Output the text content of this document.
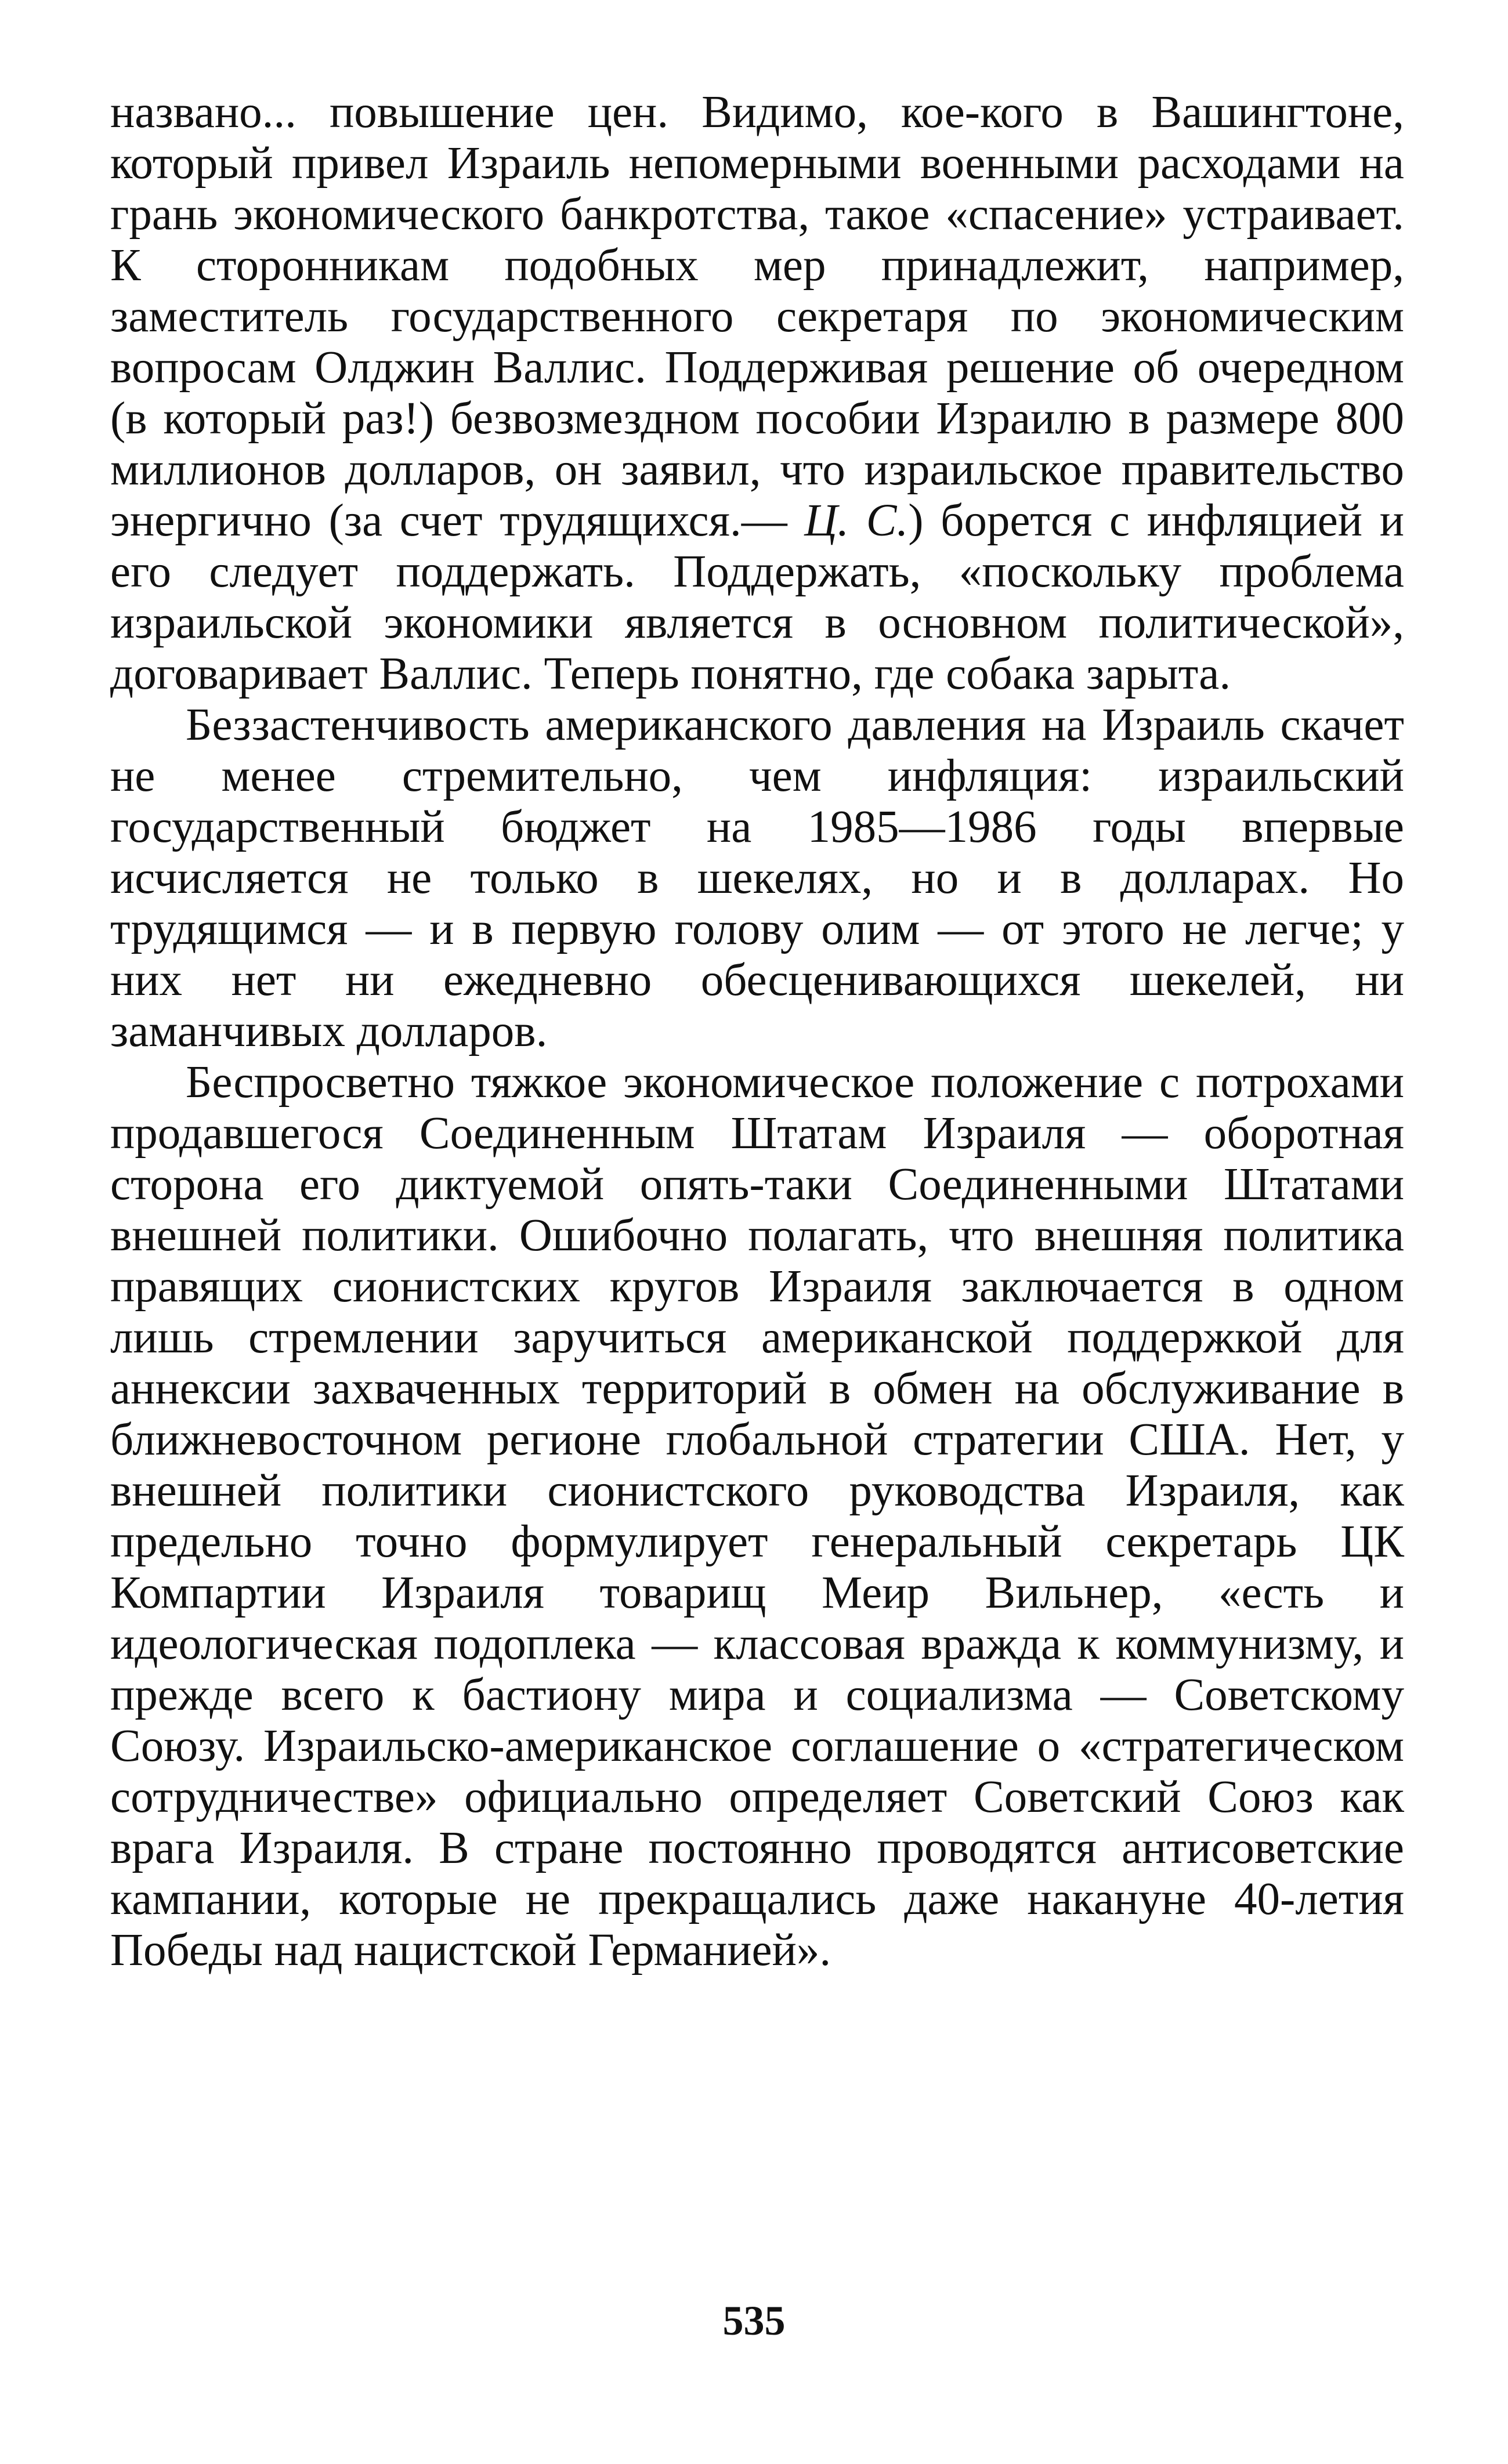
названо... повышение цен. Видимо, кое-кого в Вашингтоне, который привел Израиль непомерными военными расходами на грань экономического банкротства, такое «спасение» устраивает. К сторонникам подобных мер принадлежит, например, заместитель государственного секретаря по экономическим вопросам Олджин Валлис. Поддерживая решение об очередном (в который раз!) безвозмездном пособии Израилю в размере 800 миллионов долларов, он заявил, что израильское правительство энергично (за счет трудящихся.— Ц. С.) борется с инфляцией и его следует поддержать. Поддержать, «поскольку проблема израильской экономики является в основном политической», договаривает Валлис. Теперь понятно, где собака зарыта.

Беззастенчивость американского давления на Израиль скачет не менее стремительно, чем инфляция: израильский государственный бюджет на 1985—1986 годы впервые исчисляется не только в шекелях, но и в долларах. Но трудящимся — и в первую голову олим — от этого не легче; у них нет ни ежедневно обесценивающихся шекелей, ни заманчивых долларов.

Беспросветно тяжкое экономическое положение с потрохами продавшегося Соединенным Штатам Израиля — оборотная сторона его диктуемой опять-таки Соединенными Штатами внешней политики. Ошибочно полагать, что внешняя политика правящих сионистских кругов Израиля заключается в одном лишь стремлении заручиться американской поддержкой для аннексии захваченных территорий в обмен на обслуживание в ближневосточном регионе глобальной стратегии США. Нет, у внешней политики сионистского руководства Израиля, как предельно точно формулирует генеральный секретарь ЦК Компартии Израиля товарищ Меир Вильнер, «есть и идеологическая подоплека — классовая вражда к коммунизму, и прежде всего к бастиону мира и социализма — Советскому Союзу. Израильско-американское соглашение о «стратегическом сотрудничестве» официально определяет Советский Союз как врага Израиля. В стране постоянно проводятся антисоветские кампании, которые не прекращались даже накануне 40-летия Победы над нацистской Германией».

535
